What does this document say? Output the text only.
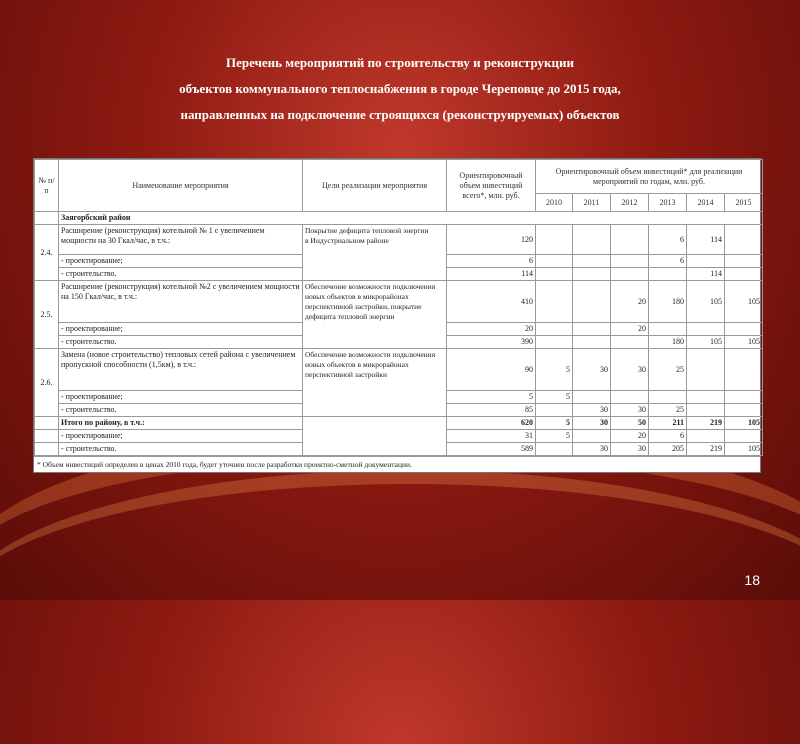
Перечень мероприятий по строительству и реконструкции
объектов коммунального теплоснабжения в городе Череповце до 2015 года,
направленных на подключение строящихся (реконструируемых) объектов
№ п/п	Наименование мероприятия	Цели реализации мероприятия	Ориентировочный объем инвестиций всего*, млн. руб.	Ориентировочный объем инвестиций* для реализации мероприятий по годам, млн. руб.					
				2010	2011	2012	2013	2014	2015
	Заягорбский район								
2.4.	Расширение (реконструкция) котельной № 1 с увеличением мощности на 30 Гкал/час, в т.ч.:	Покрытие дефицита тепловой энергии
в Индустриальном районе	120				6	114	
	- проектирование;		6				6		
	- строительство.		114					114	
2.5.	Расширение (реконструкция) котельной №2 с увеличением мощности на 150 Гкал/час, в т.ч.:	Обеспечение возможности подключения новых объектов в микрорайонах перспективной застройки, покрытие дефицита тепловой энергии	410			20	180	105	105
	- проектирование;		20			20			
	- строительство.		390				180	105	105
2.6.	Замена (новое строительство) тепловых сетей района с увеличением пропускной способности (1,5км), в т.ч.:	Обеспечение возможности подключения новых объектов в микрорайонах перспективной застройки	90	5	30	30	25		
	- проектирование;		5	5					
	- строительство.		85		30	30	25		
	Итого по району, в т.ч.:		620	5	30	50	211	219	105
	- проектирование;		31	5		20	6		
	- строительство.		589		30	30	205	219	105
* Объем инвестиций определен в ценах 2010 года, будет уточнен после разработки проектно-сметной документации.
18
